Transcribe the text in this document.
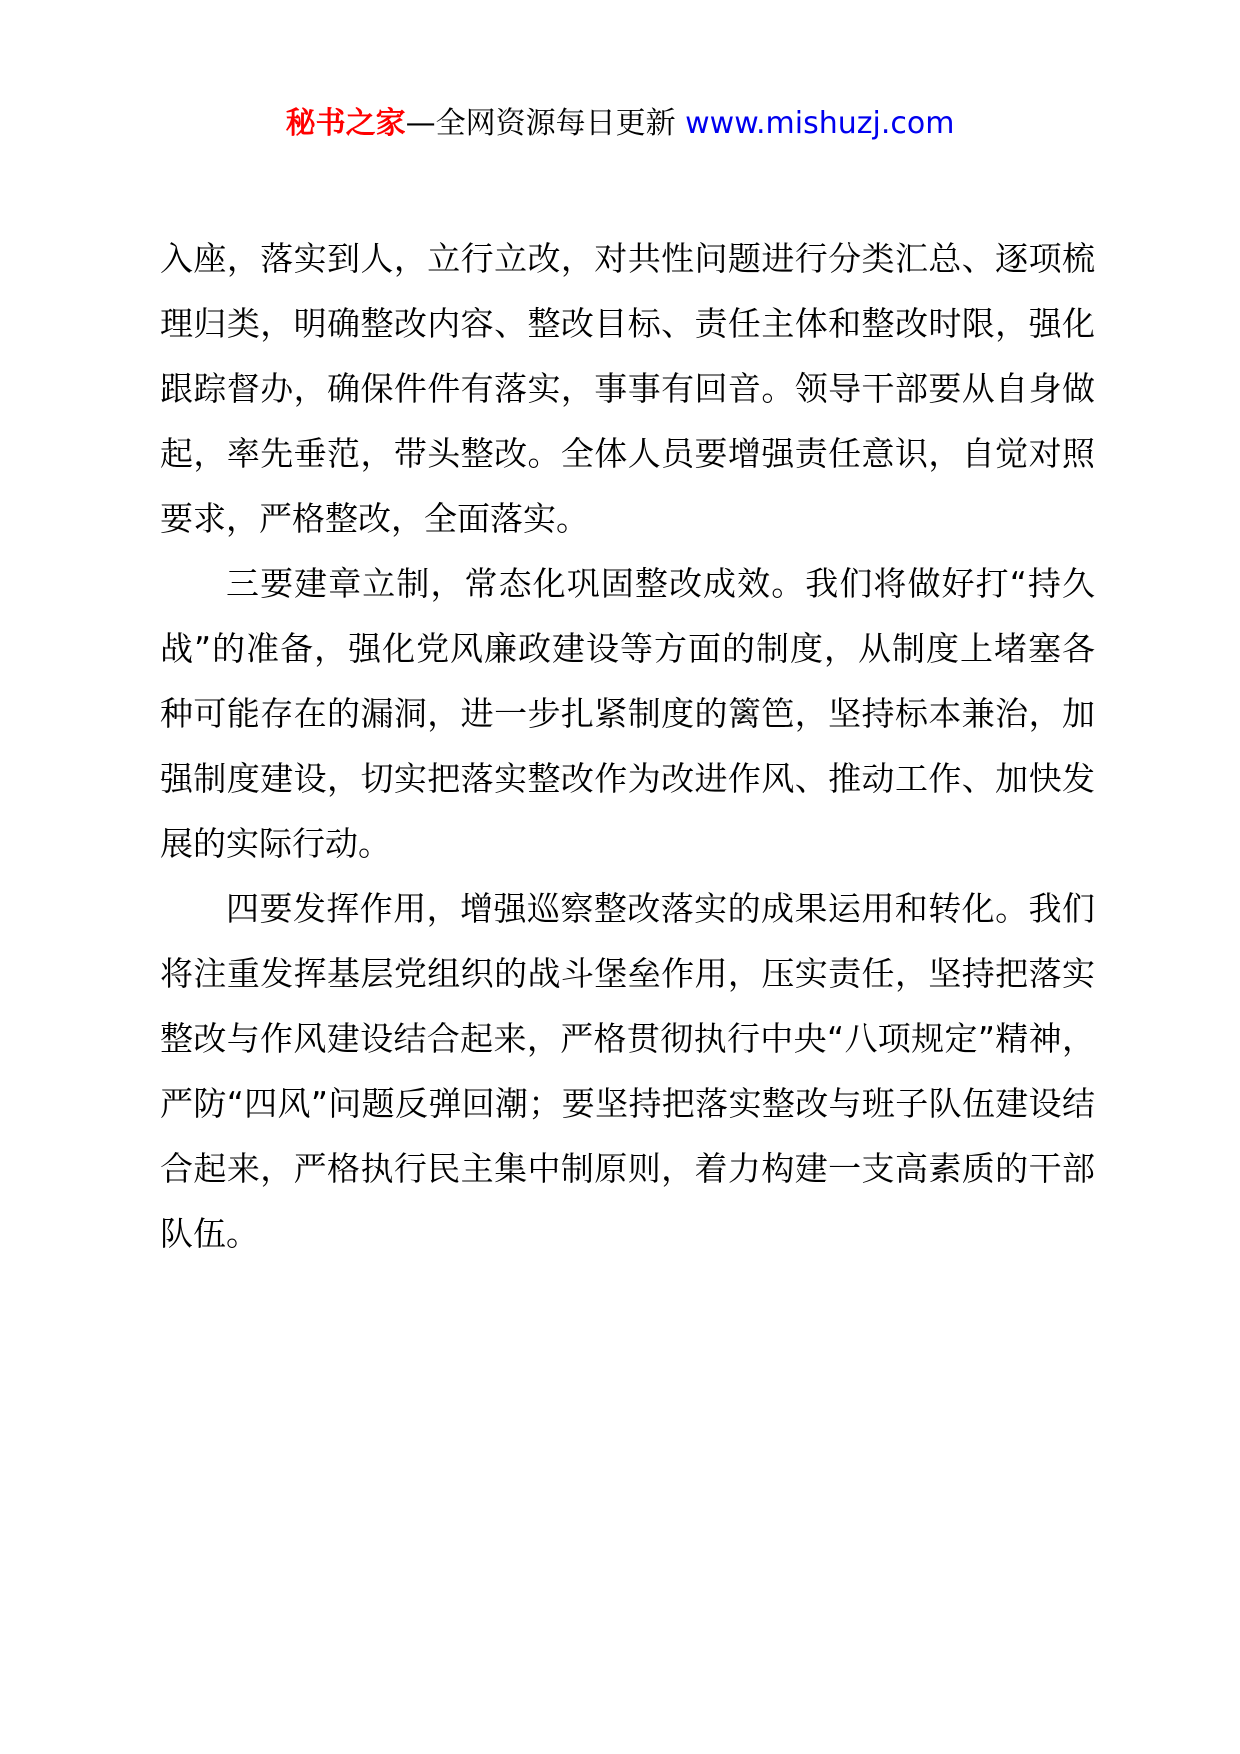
秘书之家—全网资源每日更新 www.mishuzj.com

入座，落实到人，立行立改，对共性问题进行分类汇总、逐项梳理归类，明确整改内容、整改目标、责任主体和整改时限，强化跟踪督办，确保件件有落实，事事有回音。领导干部要从自身做起，率先垂范，带头整改。全体人员要增强责任意识，自觉对照要求，严格整改，全面落实。

三要建章立制，常态化巩固整改成效。我们将做好打“持久战”的准备，强化党风廉政建设等方面的制度，从制度上堵塞各种可能存在的漏洞，进一步扎紧制度的篱笆，坚持标本兼治，加强制度建设，切实把落实整改作为改进作风、推动工作、加快发展的实际行动。

四要发挥作用，增强巡察整改落实的成果运用和转化。我们将注重发挥基层党组织的战斗堡垒作用，压实责任，坚持把落实整改与作风建设结合起来，严格贯彻执行中央“八项规定”精神，严防“四风”问题反弹回潮；要坚持把落实整改与班子队伍建设结合起来，严格执行民主集中制原则，着力构建一支高素质的干部队伍。
